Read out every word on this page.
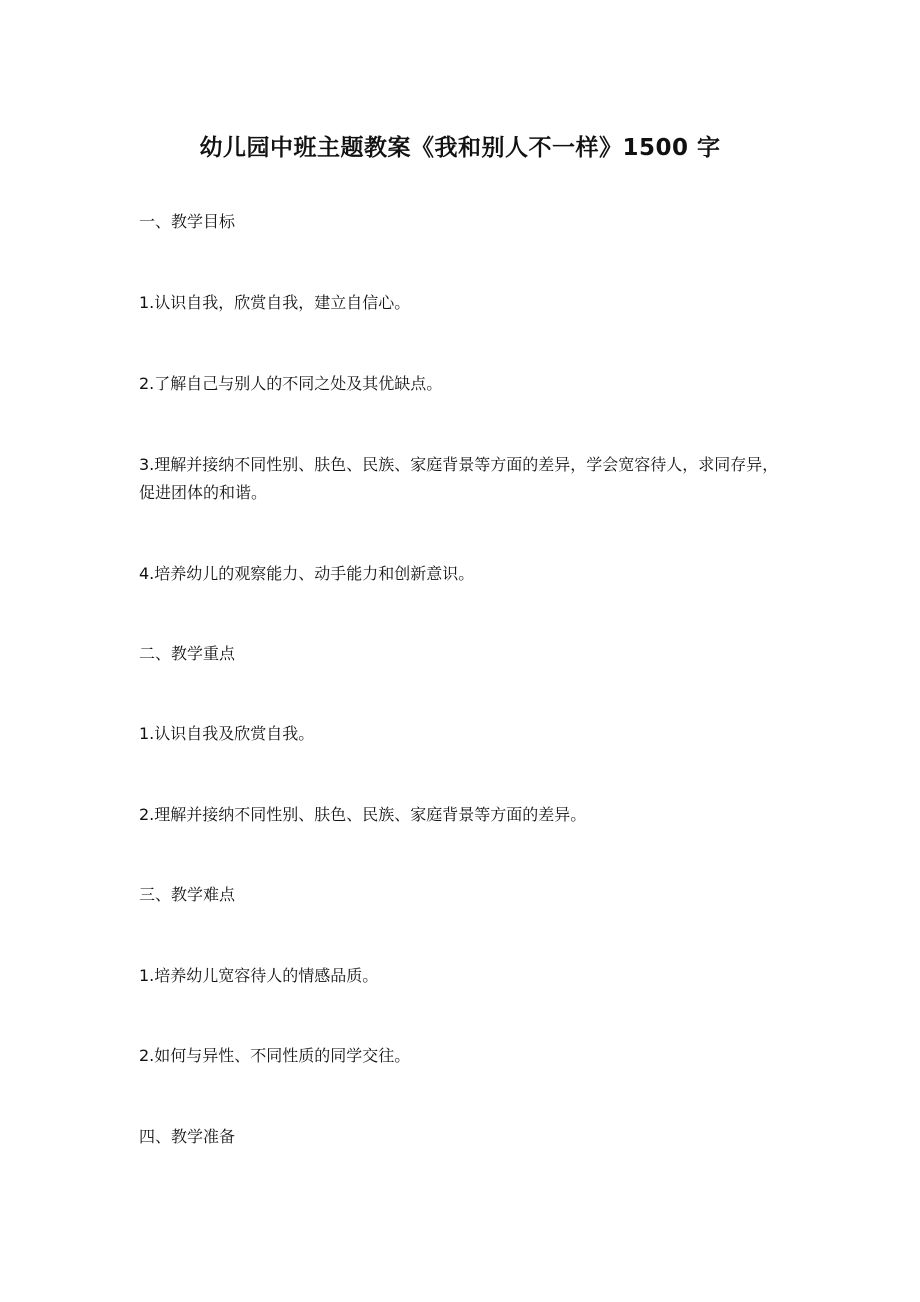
幼儿园中班主题教案《我和别人不一样》1500 字

一、教学目标

1.认识自我，欣赏自我，建立自信心。

2.了解自己与别人的不同之处及其优缺点。

3.理解并接纳不同性别、肤色、民族、家庭背景等方面的差异，学会宽容待人，求同存异，促进团体的和谐。

4.培养幼儿的观察能力、动手能力和创新意识。

二、教学重点

1.认识自我及欣赏自我。

2.理解并接纳不同性别、肤色、民族、家庭背景等方面的差异。

三、教学难点

1.培养幼儿宽容待人的情感品质。

2.如何与异性、不同性质的同学交往。

四、教学准备
